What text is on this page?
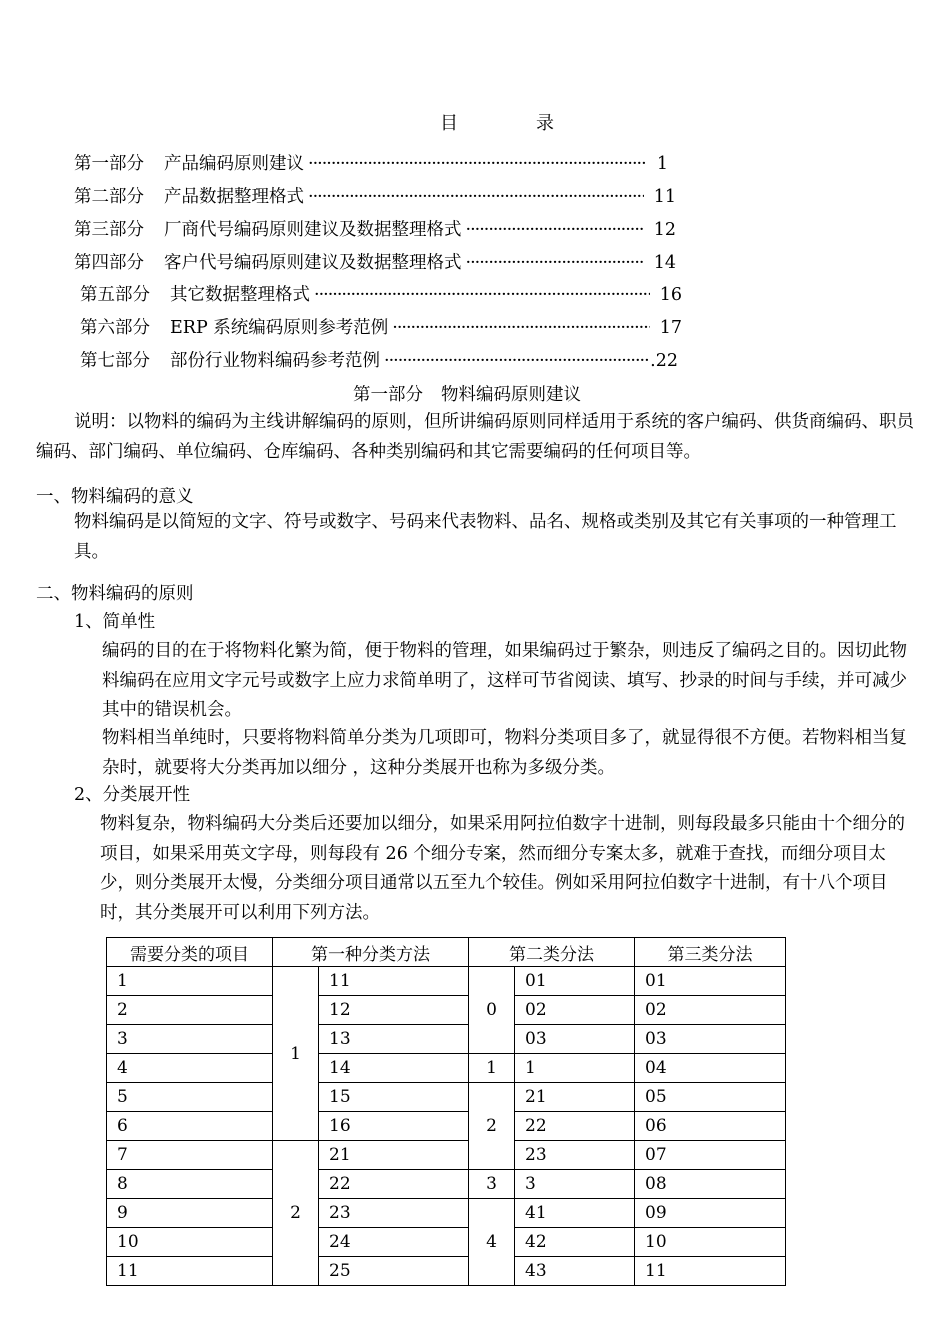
目　录
第一部分 产品编码原则建议 ·····	1
第二部分 产品数据整理格式 ·····	11
第三部分 厂商代号编码原则建议及数据整理格式 ·····	12
第四部分 客户代号编码原则建议及数据整理格式 ·····	14
第五部分 其它数据整理格式 ·····	16
第六部分 ERP 系统编码原则参考范例 ·····	17
第七部分 部份行业物料编码参考范例 ·····	.22
第一部分 物料编码原则建议
说明：以物料的编码为主线讲解编码的原则，但所讲编码原则同样适用于系统的客户编码、供货商编码、职员编码、部门编码、单位编码、仓库编码、各种类别编码和其它需要编码的任何项目等。
一、物料编码的意义
物料编码是以简短的文字、符号或数字、号码来代表物料、品名、规格或类别及其它有关事项的一种管理工具。
二、物料编码的原则
1、简单性
编码的目的在于将物料化繁为简，便于物料的管理，如果编码过于繁杂，则违反了编码之目的。因切此物料编码在应用文字元号或数字上应力求简单明了，这样可节省阅读、填写、抄录的时间与手续，并可减少其中的错误机会。
物料相当单纯时，只要将物料简单分类为几项即可，物料分类项目多了，就显得很不方便。若物料相当复杂时，就要将大分类再加以细分 ，这种分类展开也称为多级分类。
2、分类展开性
物料复杂，物料编码大分类后还要加以细分，如果采用阿拉伯数字十进制，则每段最多只能由十个细分的项目，如果采用英文字母，则每段有 26 个细分专案，然而细分专案太多，就难于查找，而细分项目太少，则分类展开太慢，分类细分项目通常以五至九个较佳。例如采用阿拉伯数字十进制，有十八个项目时，其分类展开可以利用下列方法。
需要分类的项目	第一种分类方法		第二类分法		第三类分法
1	1	11	0	01	01
2		12		02	02
3		13		03	03
4		14	1	1	04
5		15	2	21	05
6		16		22	06
7	2	21		23	07
8		22	3	3	08
9		23	4	41	09
10		24		42	10
11		25		43	11
